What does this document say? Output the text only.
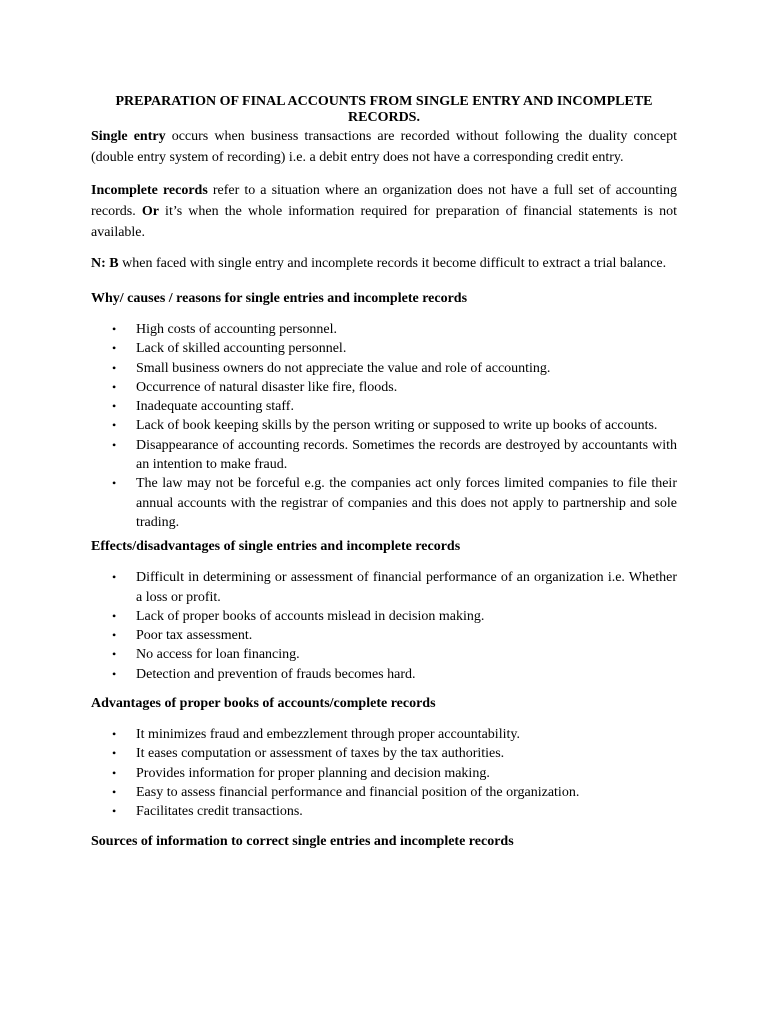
PREPARATION OF FINAL ACCOUNTS FROM SINGLE ENTRY AND INCOMPLETE RECORDS.

Single entry occurs when business transactions are recorded without following the duality concept (double entry system of recording) i.e. a debit entry does not have a corresponding credit entry.

Incomplete records refer to a situation where an organization does not have a full set of accounting records. Or it’s when the whole information required for preparation of financial statements is not available.

N: B when faced with single entry and incomplete records it become difficult to extract a trial balance.

Why/ causes / reasons for single entries and incomplete records
• High costs of accounting personnel.
• Lack of skilled accounting personnel.
• Small business owners do not appreciate the value and role of accounting.
• Occurrence of natural disaster like fire, floods.
• Inadequate accounting staff.
• Lack of book keeping skills by the person writing or supposed to write up books of accounts.
• Disappearance of accounting records. Sometimes the records are destroyed by accountants with an intention to make fraud.
• The law may not be forceful e.g. the companies act only forces limited companies to file their annual accounts with the registrar of companies and this does not apply to partnership and sole trading.
Effects/disadvantages of single entries and incomplete records
• Difficult in determining or assessment of financial performance of an organization i.e. Whether a loss or profit.
• Lack of proper books of accounts mislead in decision making.
• Poor tax assessment.
• No access for loan financing.
• Detection and prevention of frauds becomes hard.
Advantages of proper books of accounts/complete records
• It minimizes fraud and embezzlement through proper accountability.
• It eases computation or assessment of taxes by the tax authorities.
• Provides information for proper planning and decision making.
• Easy to assess financial performance and financial position of the organization.
• Facilitates credit transactions.
Sources of information to correct single entries and incomplete records
